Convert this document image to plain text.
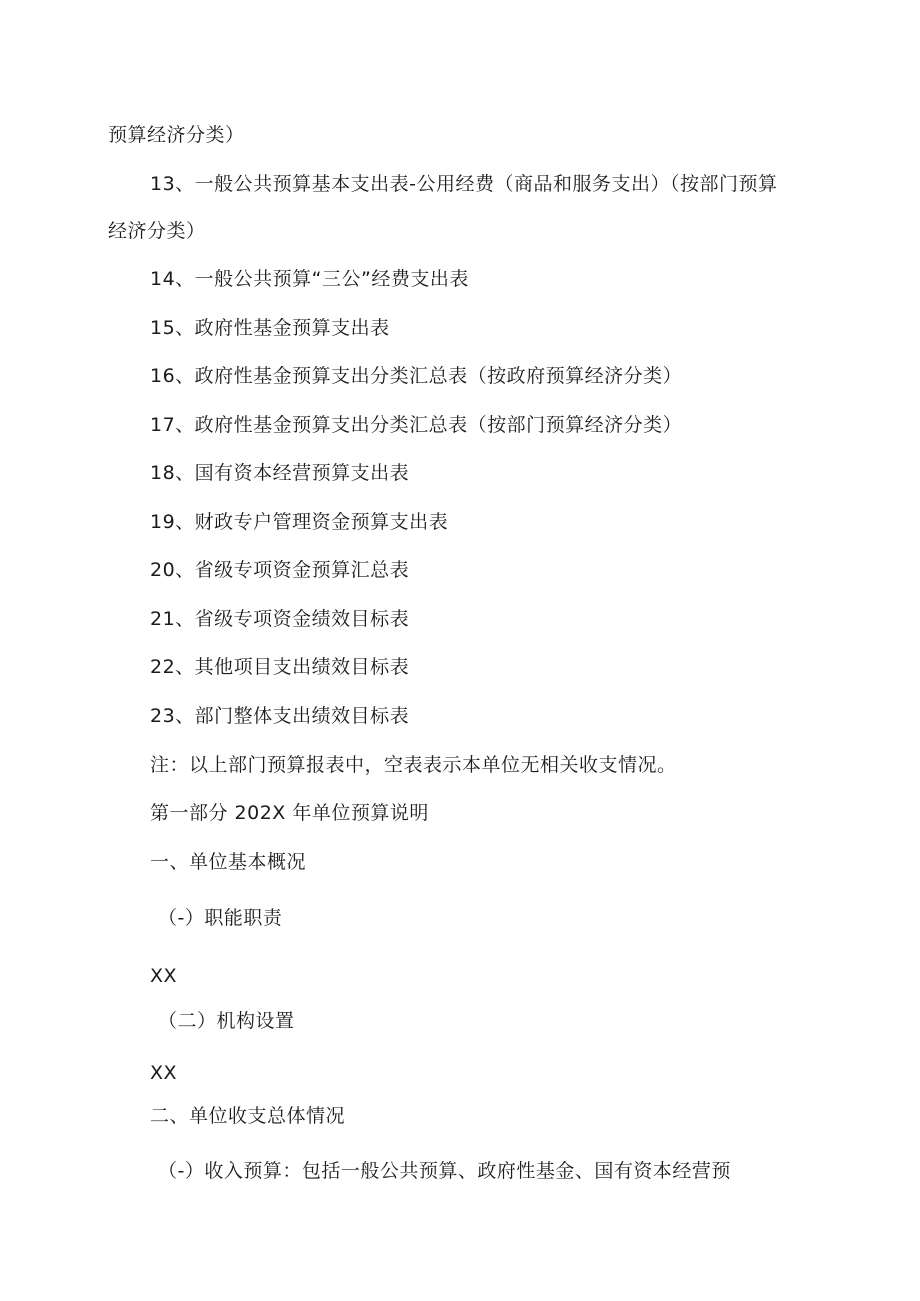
预算经济分类）
13、一般公共预算基本支出表-公用经费（商品和服务支出）（按部门预算
经济分类）
14、一般公共预算“三公”经费支出表
15、政府性基金预算支出表
16、政府性基金预算支出分类汇总表（按政府预算经济分类）
17、政府性基金预算支出分类汇总表（按部门预算经济分类）
18、国有资本经营预算支出表
19、财政专户管理资金预算支出表
20、省级专项资金预算汇总表
21、省级专项资金绩效目标表
22、其他项目支出绩效目标表
23、部门整体支出绩效目标表
注：以上部门预算报表中，空表表示本单位无相关收支情况。
第一部分 202X 年单位预算说明
一、单位基本概况
（-）职能职责
XX
（二）机构设置
XX
二、单位收支总体情况
（-）收入预算：包括一般公共预算、政府性基金、国有资本经营预
